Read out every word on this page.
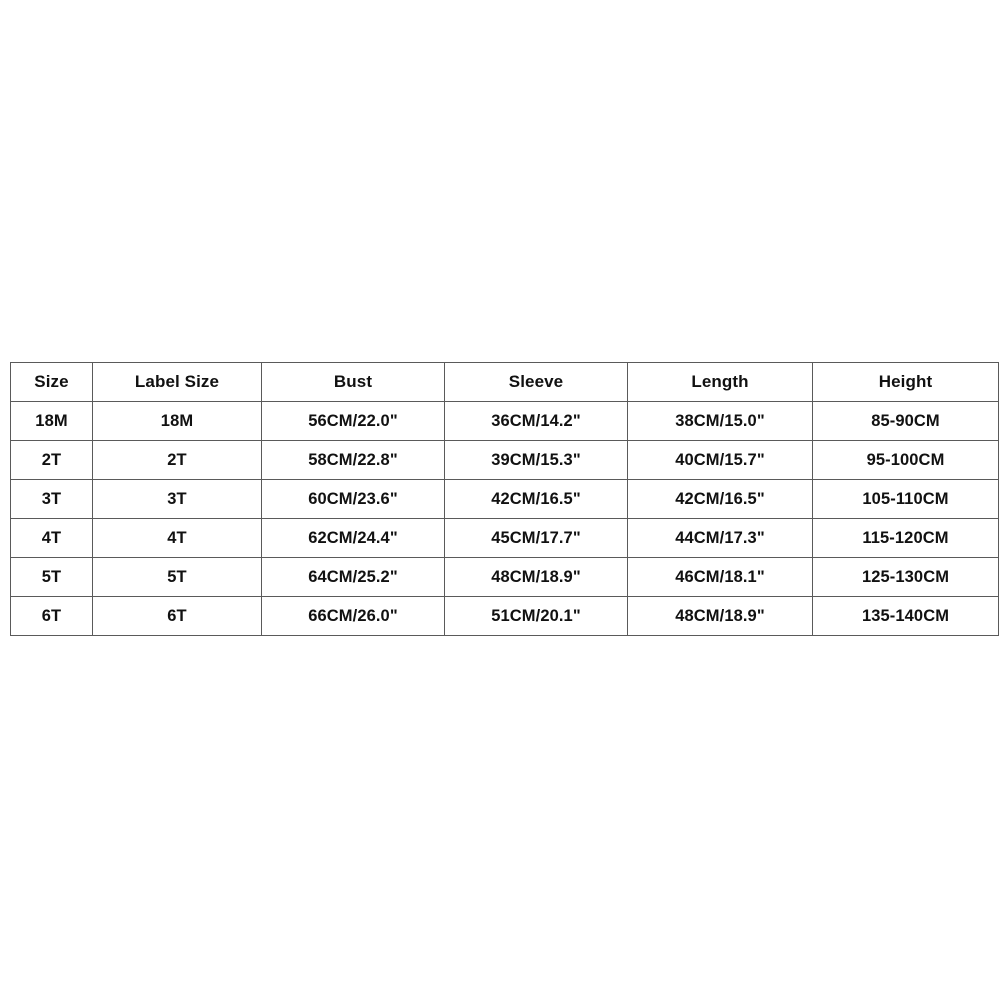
Size	Label Size	Bust	Sleeve	Length	Height
18M	18M	56CM/22.0"	36CM/14.2"	38CM/15.0"	85-90CM
2T	2T	58CM/22.8"	39CM/15.3"	40CM/15.7"	95-100CM
3T	3T	60CM/23.6"	42CM/16.5"	42CM/16.5"	105-110CM
4T	4T	62CM/24.4"	45CM/17.7"	44CM/17.3"	115-120CM
5T	5T	64CM/25.2"	48CM/18.9"	46CM/18.1"	125-130CM
6T	6T	66CM/26.0"	51CM/20.1"	48CM/18.9"	135-140CM
